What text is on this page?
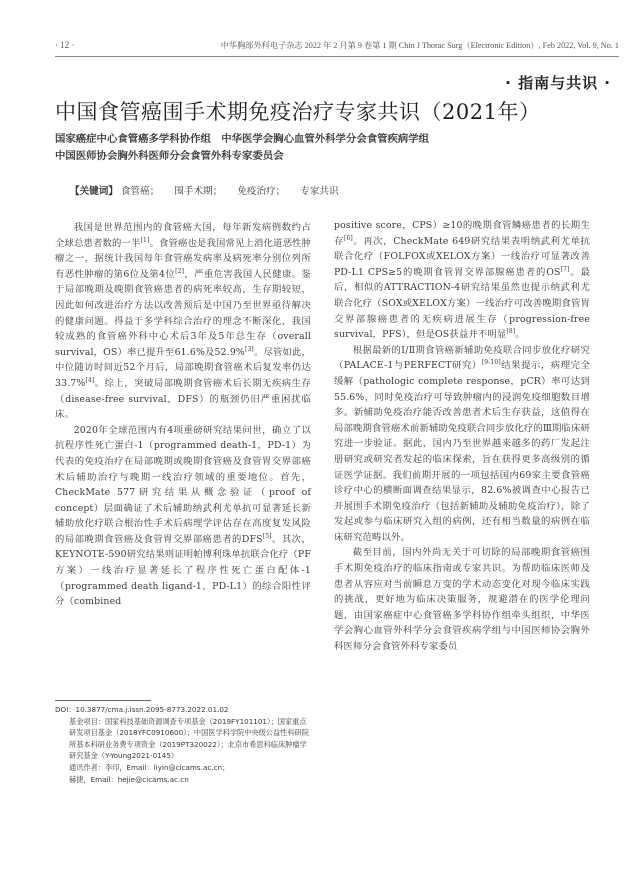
· 12 ·	中华胸部外科电子杂志 2022 年 2 月第 9 卷第 1 期 Chin J Thorac Surg（Electronic Edition）, Feb 2022, Vol. 9, No. 1
· 指南与共识 ·
中国食管癌围手术期免疫治疗专家共识（2021年）
国家癌症中心食管癌多学科协作组　中华医学会胸心血管外科学分会食管疾病学组
中国医师协会胸外科医师分会食管外科专家委员会
【关键词】 食管癌； 围手术期； 免疫治疗； 专家共识

我国是世界范围内的食管癌大国，每年新发病例数约占全球总患者数的一半[1]。食管癌也是我国常见上消化道恶性肿瘤之一，据统计我国每年食管癌发病率及病死率分别位列所有恶性肿瘤的第6位及第4位[2]，严重危害我国人民健康。鉴于局部晚期及晚期食管癌患者的病死率较高，生存期较短，因此如何改进治疗方法以改善预后是中国乃至世界亟待解决的健康问题。得益于多学科综合治疗的理念不断深化，我国较成熟的食管癌外科中心术后3年及5年总生存（overall survival，OS）率已提升至61.6%及52.9%[3]。尽管如此，中位随访时间近52个月后，局部晚期食管癌术后复发率仍达33.7%[4]。综上，突破局部晚期食管癌术后长期无疾病生存（disease-free survival，DFS）的瓶颈仍旧严重困扰临床。

2020年全球范围内有4项重磅研究结果问世，确立了以抗程序性死亡蛋白-1（programmed death-1，PD-1）为代表的免疫治疗在局部晚期或晚期食管癌及食管胃交界部癌术后辅助治疗与晚期一线治疗领域的重要地位。首先，CheckMate 577研究结果从概念验证（proof of concept）层面确证了术后辅助纳武利尤单抗可显著延长新辅助放化疗联合根治性手术后病理学评估存在高度复发风险的局部晚期食管癌及食管胃交界部癌患者的DFS[5]。其次，KEYNOTE-590研究结果则证明帕博利珠单抗联合化疗（PF方案）一线治疗显著延长了程序性死亡蛋白配体-1（programmed death ligand-1，PD-L1）的综合阳性评分（combined

positive score，CPS）≥10的晚期食管鳞癌患者的长期生存[6]。再次，CheckMate 649研究结果表明纳武利尤单抗联合化疗（FOLFOX或XELOX方案）一线治疗可显著改善PD-L1 CPS≥5的晚期食管胃交界部腺癌患者的OS[7]。最后，相似的ATTRACTION-4研究结果虽然也提示纳武利尤联合化疗（SOX或XELOX方案）一线治疗可改善晚期食管胃交界部腺癌患者的无疾病进展生存（progression-free survival，PFS），但是OS获益并不明显[8]。

根据最新的Ⅰ/Ⅱ期食管癌新辅助免疫联合同步放化疗研究（PALACE-1与PERFECT研究）[9-10]结果提示，病理完全缓解（pathologic complete response，pCR）率可达到55.6%，同时免疫治疗可导致肿瘤内的浸润免疫细胞数目增多。新辅助免疫治疗能否改善患者术后生存获益，这值得在局部晚期食管癌术前新辅助免疫联合同步放化疗的Ⅲ期临床研究进一步验证。据此，国内乃至世界越来越多的药厂发起注册研究或研究者发起的临床探索，旨在获得更多高级别的循证医学证据。我们前期开展的一项包括国内69家主要食管癌诊疗中心的横断面调查结果显示，82.6%被调查中心报告已开展围手术期免疫治疗（包括新辅助及辅助免疫治疗），除了发起或参与临床研究入组的病例，还有相当数量的病例在临床研究范畴以外。

截至目前，国内外尚无关于可切除的局部晚期食管癌围手术期免疫治疗的临床指南或专家共识。为帮助临床医师及患者从容应对当前瞬息万变的学术动态变化对现今临床实践的挑战，更好地为临床决策服务，规避潜在的医学伦理问题，由国家癌症中心食管癌多学科协作组牵头组织，中华医学会胸心血管外科学分会食管疾病学组与中国医师协会胸外科医师分会食管外科专家委员

DOI：10.3877/cma.j.issn.2095-8773.2022.01.02
基金项目：国家科技基础资源调查专项基金（2019FY101101）；国家重点研发项目基金（2018YFC0910600）；中国医学科学院中央级公益性科研院所基本科研业务费专项资金（2019PT320022）；北京市希思科临床肿瘤学研究基金（Y-Young2021-0145）
通讯作者：李印，Email：liyin@cicams.ac.cn；
赫捷，Email：hejie@cicams.ac.cn
